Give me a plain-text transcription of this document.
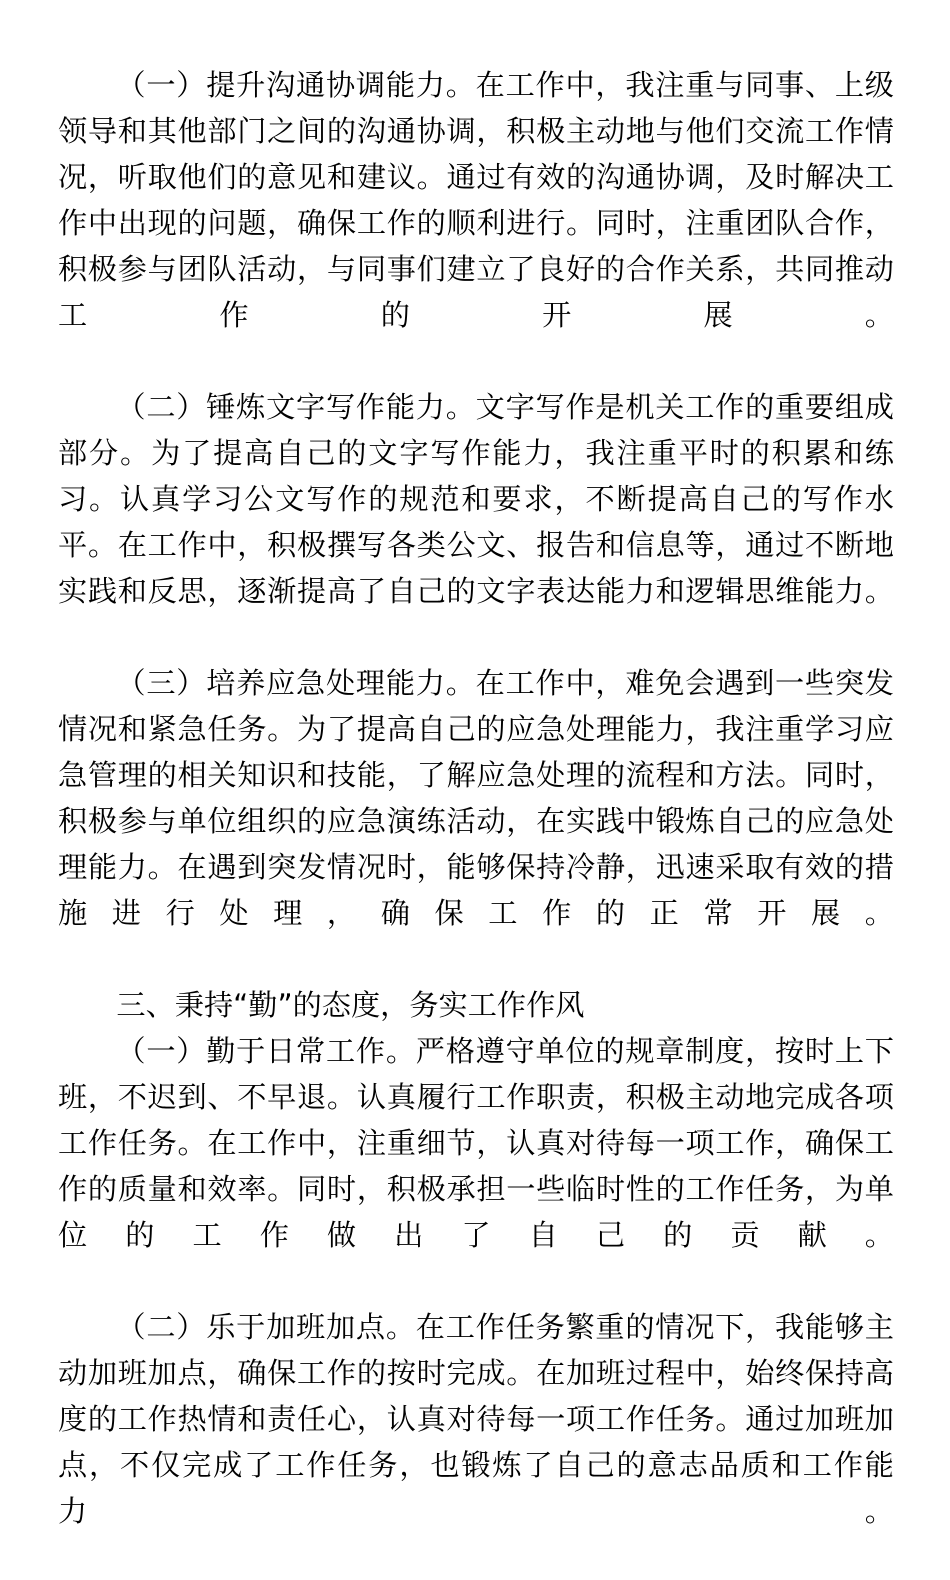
（一）提升沟通协调能力。在工作中，我注重与同事、上级领导和其他部门之间的沟通协调，积极主动地与他们交流工作情况，听取他们的意见和建议。通过有效的沟通协调，及时解决工作中出现的问题，确保工作的顺利进行。同时，注重团队合作，积极参与团队活动，与同事们建立了良好的合作关系，共同推动工作的开展。

（二）锤炼文字写作能力。文字写作是机关工作的重要组成部分。为了提高自己的文字写作能力，我注重平时的积累和练习。认真学习公文写作的规范和要求，不断提高自己的写作水平。在工作中，积极撰写各类公文、报告和信息等，通过不断地实践和反思，逐渐提高了自己的文字表达能力和逻辑思维能力。

（三）培养应急处理能力。在工作中，难免会遇到一些突发情况和紧急任务。为了提高自己的应急处理能力，我注重学习应急管理的相关知识和技能，了解应急处理的流程和方法。同时，积极参与单位组织的应急演练活动，在实践中锻炼自己的应急处理能力。在遇到突发情况时，能够保持冷静，迅速采取有效的措施进行处理，确保工作的正常开展。

三、秉持“勤”的态度，务实工作作风

（一）勤于日常工作。严格遵守单位的规章制度，按时上下班，不迟到、不早退。认真履行工作职责，积极主动地完成各项工作任务。在工作中，注重细节，认真对待每一项工作，确保工作的质量和效率。同时，积极承担一些临时性的工作任务，为单位的工作做出了自己的贡献。

（二）乐于加班加点。在工作任务繁重的情况下，我能够主动加班加点，确保工作的按时完成。在加班过程中，始终保持高度的工作热情和责任心，认真对待每一项工作任务。通过加班加点，不仅完成了工作任务，也锻炼了自己的意志品质和工作能力。
